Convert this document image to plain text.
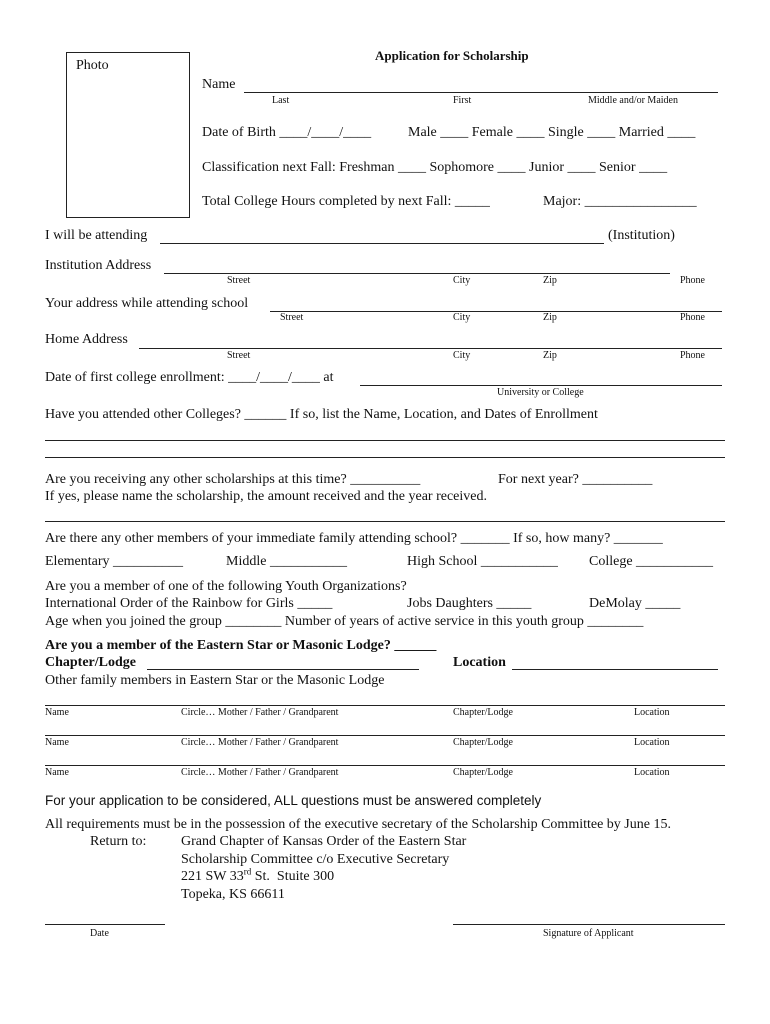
Photo
Application for Scholarship
Name
Last	First	Middle and/or Maiden
Date of Birth ____/____/____	Male ____ Female ____ Single ____ Married ____
Classification next Fall: Freshman ____ Sophomore ____ Junior ____ Senior ____
Total College Hours completed by next Fall: _____	Major: ________________
I will be attending	(Institution)
Institution Address
Street	City	Zip	Phone
Your address while attending school
Street	City	Zip	Phone
Home Address
Street	City	Zip	Phone
Date of first college enrollment: ____/____/____ at
University or College
Have you attended other Colleges? ______ If so, list the Name, Location, and Dates of Enrollment
Are you receiving any other scholarships at this time? __________	For next year? __________
If yes, please name the scholarship, the amount received and the year received.
Are there any other members of your immediate family attending school? _______ If so, how many? _______
Elementary __________	Middle ___________	High School ___________ College ___________
Are you a member of one of the following Youth Organizations?
International Order of the Rainbow for Girls _____	Jobs Daughters _____	DeMolay _____
Age when you joined the group ________ Number of years of active service in this youth group ________
Are you a member of the Eastern Star or Masonic Lodge? ______
Chapter/Lodge	Location
Other family members in Eastern Star or the Masonic Lodge
Name	Circle… Mother / Father / Grandparent	Chapter/Lodge	Location
Name	Circle… Mother / Father / Grandparent	Chapter/Lodge	Location
Name	Circle… Mother / Father / Grandparent	Chapter/Lodge	Location
For your application to be considered, ALL questions must be answered completely
All requirements must be in the possession of the executive secretary of the Scholarship Committee by June 15.
Return to: Grand Chapter of Kansas Order of the Eastern Star
Scholarship Committee c/o Executive Secretary
221 SW 33rd St.  Stuite 300
Topeka, KS 66611
Date	Signature of Applicant
